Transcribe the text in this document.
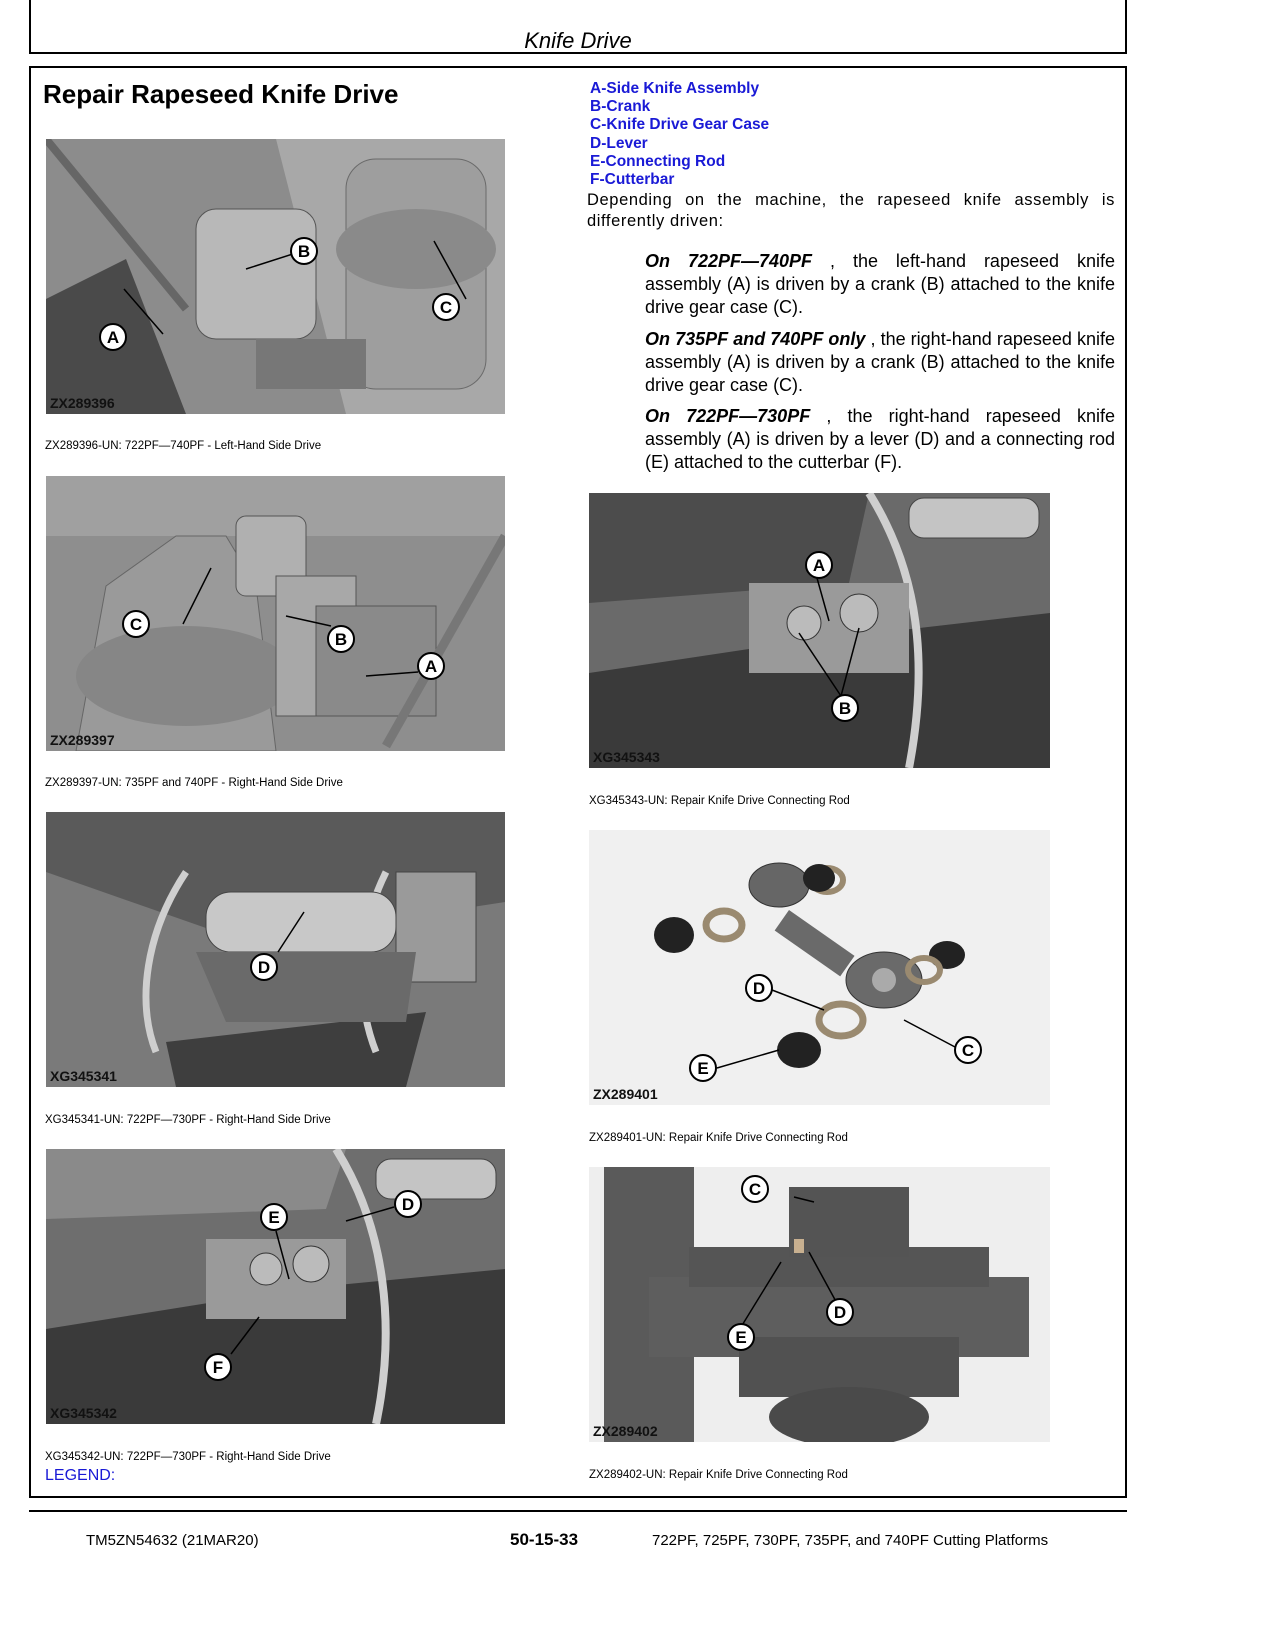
Knife Drive
Repair Rapeseed Knife Drive	A-Side Knife Assembly
B-Crank
C-Knife Drive Gear Case
D-Lever
E-Connecting Rod
F-Cutterbar
Depending on the machine, the rapeseed knife assembly is differently driven:
On 722PF—740PF , the left-hand rapeseed knife assembly (A) is driven by a crank (B) attached to the knife drive gear case (C).
On 735PF and 740PF only , the right-hand rapeseed knife assembly (A) is driven by a crank (B) attached to the knife drive gear case (C).
On 722PF—730PF , the right-hand rapeseed knife assembly (A) is driven by a lever (D) and a connecting rod (E) attached to the cutterbar (F).
A
B
C
ZX289396
ZX289396-UN: 722PF—740PF - Left-Hand Side Drive
C
B
A
ZX289397
ZX289397-UN: 735PF and 740PF - Right-Hand Side Drive
D
XG345341
XG345341-UN: 722PF—730PF - Right-Hand Side Drive
E
D
F
XG345342
XG345342-UN: 722PF—730PF - Right-Hand Side Drive
A
B
XG345343
XG345343-UN: Repair Knife Drive Connecting Rod
D
E
C
ZX289401
ZX289401-UN: Repair Knife Drive Connecting Rod
C
D
E
ZX289402
ZX289402-UN: Repair Knife Drive Connecting Rod
LEGEND:
TM5ZN54632 (21MAR20)	50-15-33	722PF, 725PF, 730PF, 735PF, and 740PF Cutting Platforms
